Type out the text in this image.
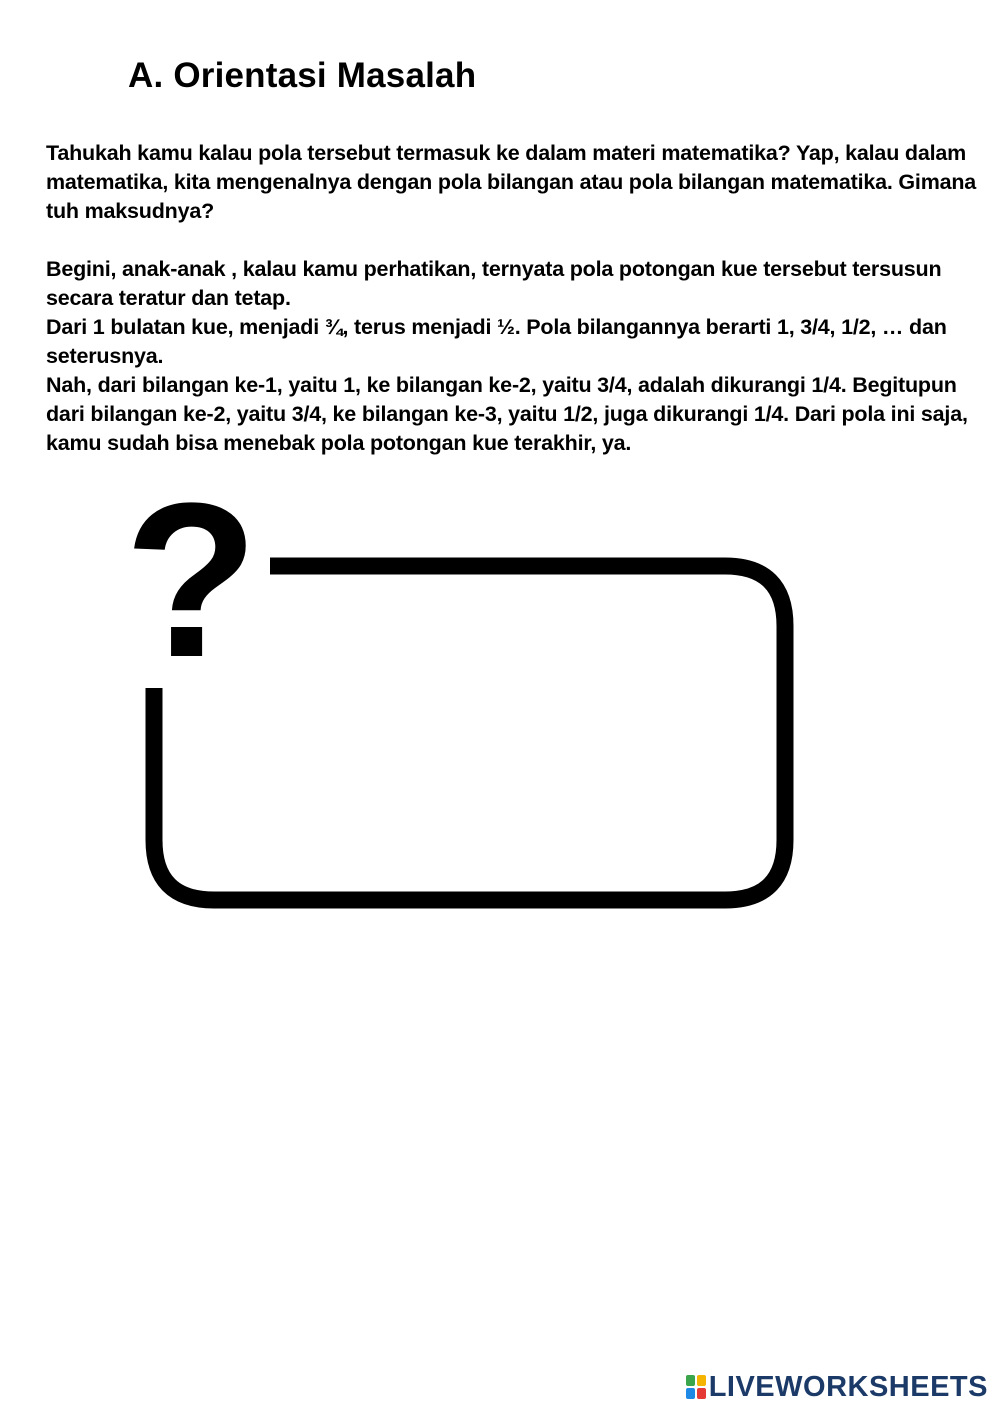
A. Orientasi Masalah

Tahukah kamu kalau pola tersebut termasuk ke dalam materi matematika? Yap, kalau dalam matematika, kita mengenalnya dengan pola bilangan atau pola bilangan matematika. Gimana tuh maksudnya?

Begini, anak-anak , kalau kamu perhatikan, ternyata pola potongan kue tersebut tersusun secara teratur dan tetap.

Dari 1 bulatan kue, menjadi ¾, terus menjadi ½. Pola bilangannya berarti 1, 3/4, 1/2, … dan seterusnya.

Nah, dari bilangan ke-1, yaitu 1, ke bilangan ke-2, yaitu 3/4, adalah dikurangi 1/4. Begitupun dari bilangan ke-2, yaitu 3/4, ke bilangan ke-3, yaitu 1/2, juga dikurangi 1/4. Dari pola ini saja, kamu sudah bisa menebak pola potongan kue terakhir, ya.

?
LIVEWORKSHEETS
